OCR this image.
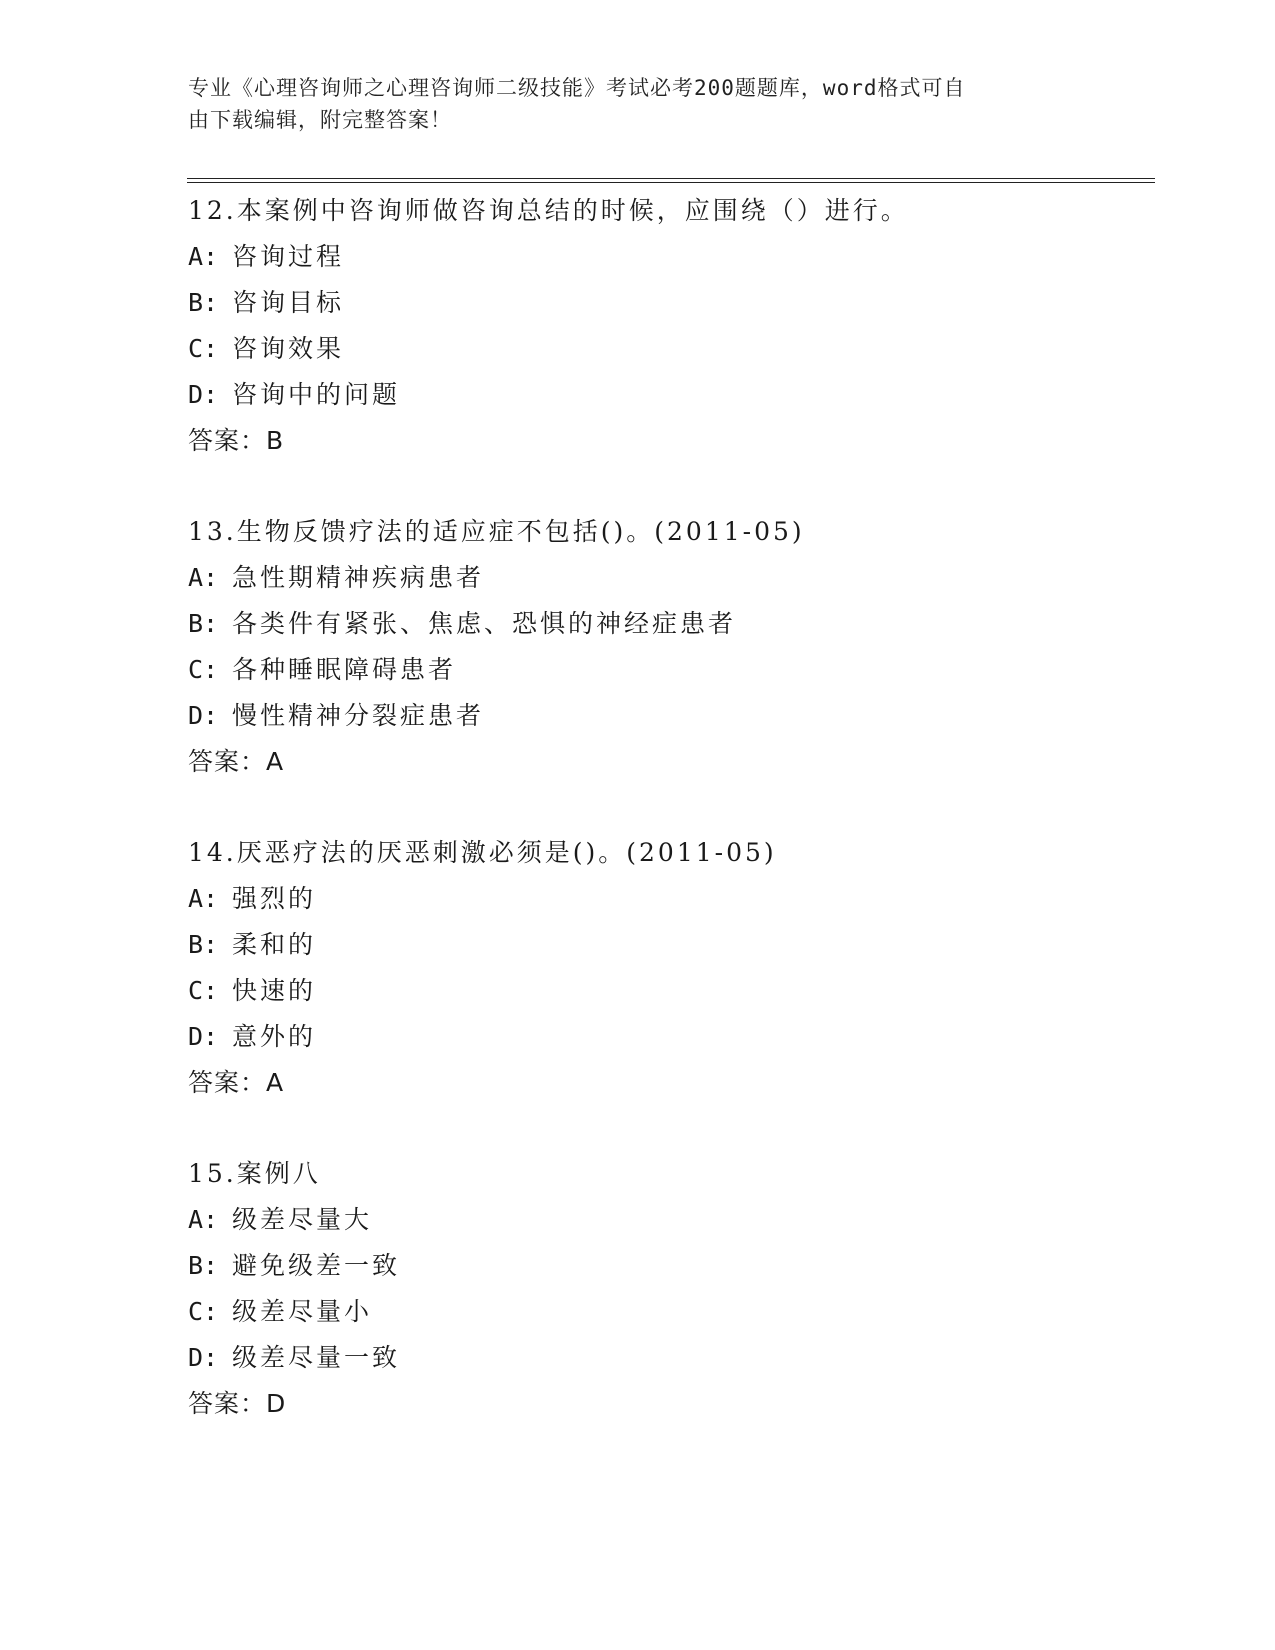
专业《心理咨询师之心理咨询师二级技能》考试必考200题题库，word格式可自
由下载编辑，附完整答案！
12.本案例中咨询师做咨询总结的时候，应围绕（）进行。
A: 咨询过程
B: 咨询目标
C: 咨询效果
D: 咨询中的问题
答案：B
13.生物反馈疗法的适应症不包括()。(2011-05)
A: 急性期精神疾病患者
B: 各类件有紧张、焦虑、恐惧的神经症患者
C: 各种睡眠障碍患者
D: 慢性精神分裂症患者
答案：A
14.厌恶疗法的厌恶刺激必须是()。(2011-05)
A: 强烈的
B: 柔和的
C: 快速的
D: 意外的
答案：A
15.案例八
A: 级差尽量大
B: 避免级差一致
C: 级差尽量小
D: 级差尽量一致
答案：D
